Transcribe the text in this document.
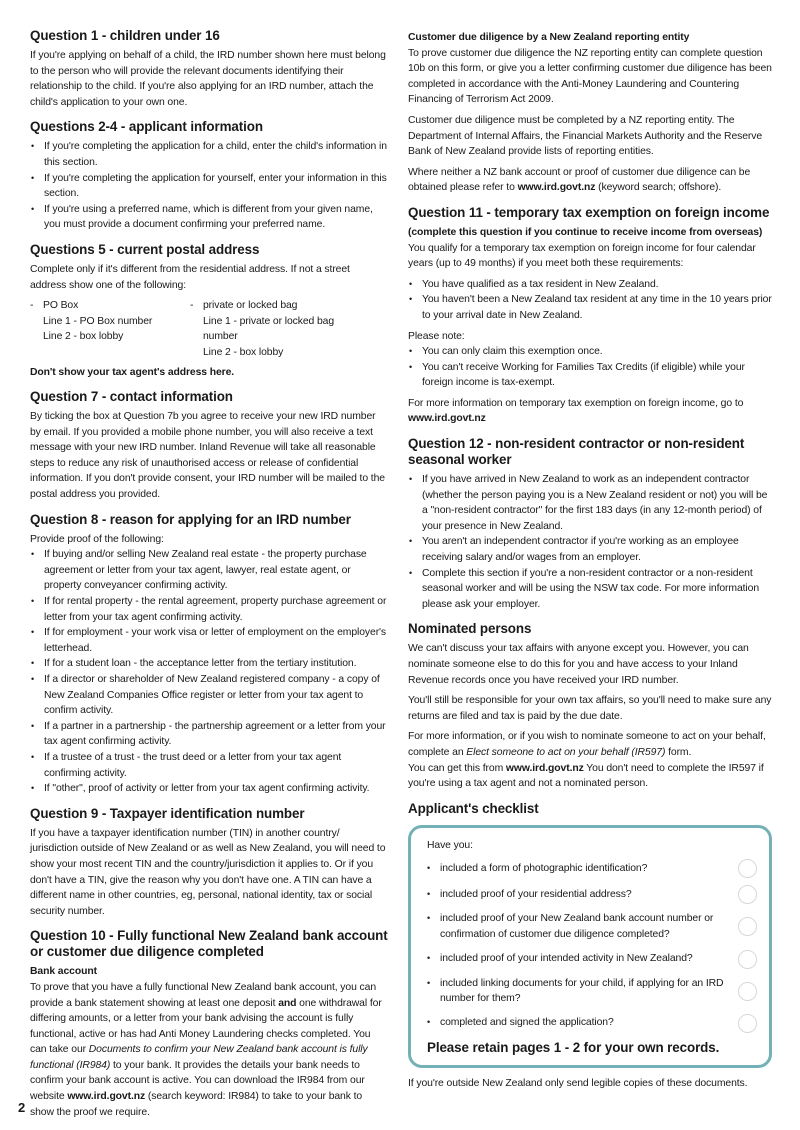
Question 1 - children under 16
If you're applying on behalf of a child, the IRD number shown here must belong to the person who will provide the relevant documents identifying their relationship to the child. If you're also applying for an IRD number, attach the child's application to your own one.
Questions 2-4 - applicant information
• If you're completing the application for a child, enter the child's information in this section.
• If you're completing the application for yourself, enter your information in this section.
• If you're using a preferred name, which is different from your given name, you must provide a document confirming your preferred name.
Questions 5 - current postal address
Complete only if it's different from the residential address. If not a street address show one of the following:
- PO Box
Line 1 - PO Box number
Line 2 - box lobby
- private or locked bag
Line 1 - private or locked bag number
Line 2 - box lobby
Don't show your tax agent's address here.
Question 7 - contact information
By ticking the box at Question 7b you agree to receive your new IRD number by email. If you provided a mobile phone number, you will also receive a text message with your new IRD number. Inland Revenue will take all reasonable steps to reduce any risk of unauthorised access or release of confidential information. If you don't provide consent, your IRD number will be mailed to the postal address you provided.
Question 8 - reason for applying for an IRD number
Provide proof of the following:
• If buying and/or selling New Zealand real estate - the property purchase agreement or letter from your tax agent, lawyer, real estate agent, or property conveyancer confirming activity.
• If for rental property - the rental agreement, property purchase agreement or letter from your tax agent confirming activity.
• If for employment - your work visa or letter of employment on the employer's letterhead.
• If for a student loan - the acceptance letter from the tertiary institution.
• If a director or shareholder of New Zealand registered company - a copy of New Zealand Companies Office register or letter from your tax agent to confirm activity.
• If a partner in a partnership - the partnership agreement or a letter from your tax agent confirming activity.
• If a trustee of a trust - the trust deed or a letter from your tax agent confirming activity.
• If "other", proof of activity or letter from your tax agent confirming activity.
Question 9 - Taxpayer identification number
If you have a taxpayer identification number (TIN) in another country/ jurisdiction outside of New Zealand or as well as New Zealand, you will need to show your most recent TIN and the country/jurisdiction it applies to. Or if you don't have a TIN, give the reason why you don't have one. A TIN can have a different name in other countries, eg, personal, national identity, tax or social security number.
Question 10 - Fully functional New Zealand bank account or customer due diligence completed
Bank account
To prove that you have a fully functional New Zealand bank account, you can provide a bank statement showing at least one deposit and one withdrawal for differing amounts, or a letter from your bank advising the account is fully functional, active or has had Anti Money Laundering checks completed. You can take our Documents to confirm your New Zealand bank account is fully functional (IR984) to your bank. It provides the details your bank needs to confirm your bank account is active. You can download the IR984 from our website www.ird.govt.nz (search keyword: IR984) to take to your bank to show the proof we require.
Customer due diligence by a New Zealand reporting entity
To prove customer due diligence the NZ reporting entity can complete question 10b on this form, or give you a letter confirming customer due diligence has been completed in accordance with the Anti-Money Laundering and Countering Financing of Terrorism Act 2009.
Customer due diligence must be completed by a NZ reporting entity. The Department of Internal Affairs, the Financial Markets Authority and the Reserve Bank of New Zealand provide lists of reporting entities.
Where neither a NZ bank account or proof of customer due diligence can be obtained please refer to www.ird.govt.nz (keyword search; offshore).
Question 11 - temporary tax exemption on foreign income
(complete this question if you continue to receive income from overseas)
You qualify for a temporary tax exemption on foreign income for four calendar years (up to 49 months) if you meet both these requirements:
• You have qualified as a tax resident in New Zealand.
• You haven't been a New Zealand tax resident at any time in the 10 years prior to your arrival date in New Zealand.
Please note:
• You can only claim this exemption once.
• You can't receive Working for Families Tax Credits (if eligible) while your foreign income is tax-exempt.
For more information on temporary tax exemption on foreign income, go to www.ird.govt.nz
Question 12 - non-resident contractor or non-resident seasonal worker
• If you have arrived in New Zealand to work as an independent contractor (whether the person paying you is a New Zealand resident or not) you will be a "non-resident contractor" for the first 183 days (in any 12-month period) of your presence in New Zealand.
• You aren't an independent contractor if you're working as an employee receiving salary and/or wages from an employer.
• Complete this section if you're a non-resident contractor or a non-resident seasonal worker and will be using the NSW tax code. For more information please ask your employer.
Nominated persons
We can't discuss your tax affairs with anyone except you. However, you can nominate someone else to do this for you and have access to your Inland Revenue records once you have received your IRD number.
You'll still be responsible for your own tax affairs, so you'll need to make sure any returns are filed and tax is paid by the due date.
For more information, or if you wish to nominate someone to act on your behalf, complete an Elect someone to act on your behalf (IR597) form.
You can get this from www.ird.govt.nz You don't need to complete the IR597 if you're using a tax agent and not a nominated person.
Applicant's checklist
Have you:
• included a form of photographic identification?
• included proof of your residential address?
• included proof of your New Zealand bank account number or confirmation of customer due diligence completed?
• included proof of your intended activity in New Zealand?
• included linking documents for your child, if applying for an IRD number for them?
• completed and signed the application?
Please retain pages 1 - 2 for your own records.
If you're outside New Zealand only send legible copies of these documents.
2
